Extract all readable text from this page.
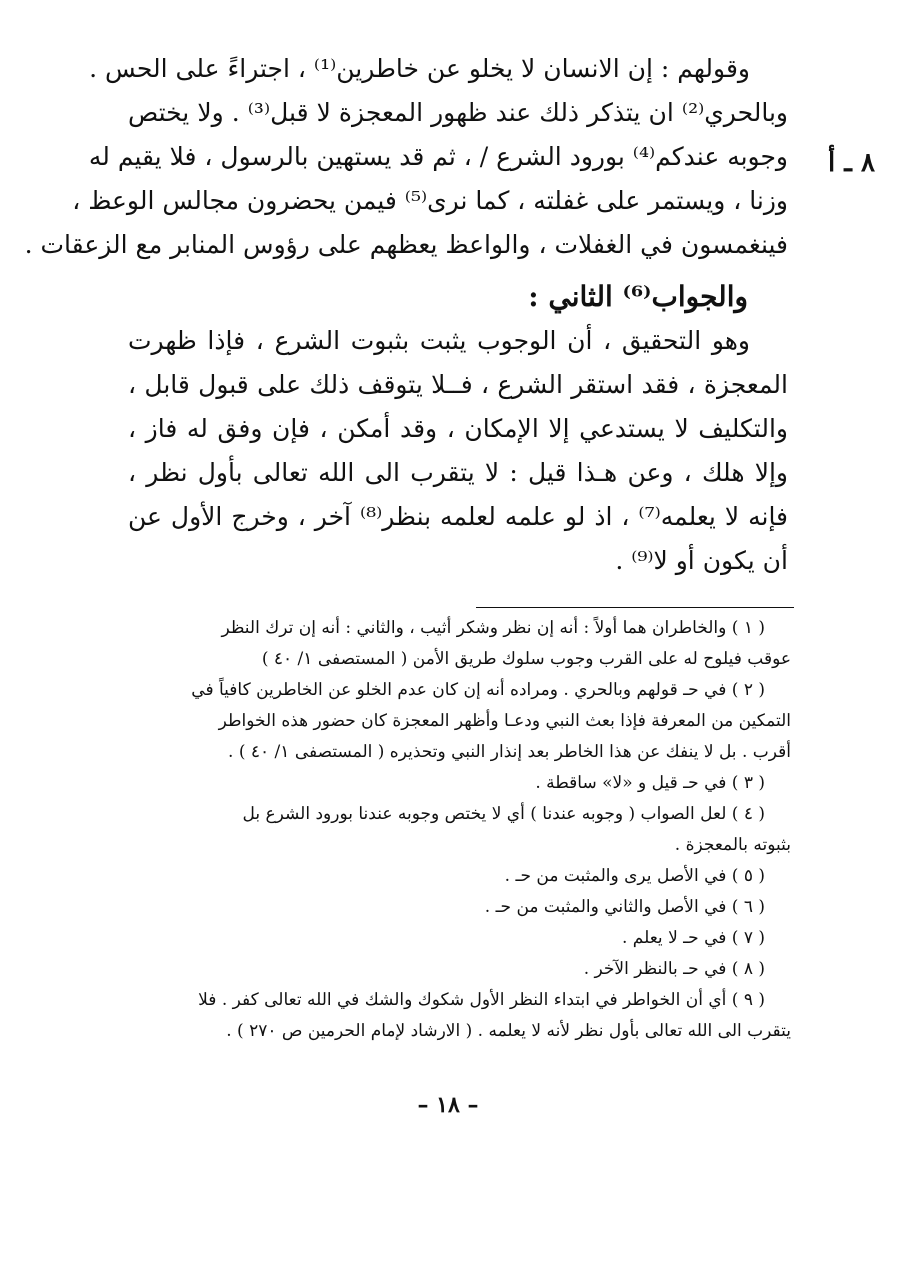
٨ ـ أ
وقولهم : إن الانسان لا يخلو عن خاطرين⁽¹⁾ ، اجتراءً على الحس .
وبالحري⁽²⁾ ان يتذكر ذلك عند ظهور المعجزة لا قبل⁽³⁾ . ولا يختص
وجوبه عندكم⁽⁴⁾ بورود الشرع / ، ثم قد يستهين بالرسول ، فلا يقيم له
وزنا ، ويستمر على غفلته ، كما نرى⁽⁵⁾ فيمن يحضرون مجالس الوعظ ،
فينغمسون في الغفلات ، والواعظ يعظهم على رؤوس المنابر مع الزعقات .
والجواب⁽⁶⁾ الثاني :
وهو التحقيق ، أن الوجوب يثبت بثبوت الشرع ، فإذا ظهرت
المعجزة ، فقد استقر الشرع ، فــلا يتوقف ذلك على قبول قابل ،
والتكليف لا يستدعي إلا الإمكان ، وقد أمكن ، فإن وفق له فاز ،
وإلا هلك ، وعن هـذا قيل : لا يتقرب الى الله تعالى بأول نظر ،
فإنه لا يعلمه⁽⁷⁾ ، اذ لو علمه لعلمه بنظر⁽⁸⁾ آخر ، وخرج الأول عن
أن يكون أو لا⁽⁹⁾ .
( ١ ) والخاطران هما أولاً : أنه إن نظر وشكر أثيب ، والثاني : أنه إن ترك النظر
عوقب فيلوح له على القرب وجوب سلوك طريق الأمن ( المستصفى ١/ ٤٠ )
( ٢ ) في حـ قولهم وبالحري . ومراده أنه إن كان عدم الخلو عن الخاطرين كافياً في
التمكين من المعرفة فإذا بعث النبي ودعـا وأظهر المعجزة كان حضور هذه الخواطر
أقرب . بل لا ينفك عن هذا الخاطر بعد إنذار النبي وتحذيره ( المستصفى ١/ ٤٠ ) .
( ٣ ) في حـ قيل و «لا» ساقطة .
( ٤ ) لعل الصواب ( وجوبه عندنا ) أي لا يختص وجوبه عندنا بورود الشرع بل
بثبوته بالمعجزة .
( ٥ ) في الأصل يرى والمثبت من حـ .
( ٦ ) في الأصل والثاني والمثبت من حـ .
( ٧ ) في حـ لا يعلم .
( ٨ ) في حـ بالنظر الآخر .
( ٩ ) أي أن الخواطر في ابتداء النظر الأول شكوك والشك في الله تعالى كفر . فلا
يتقرب الى الله تعالى بأول نظر لأنه لا يعلمه . ( الارشاد لإمام الحرمين ص ٢٧٠ ) .
– ١٨ –
